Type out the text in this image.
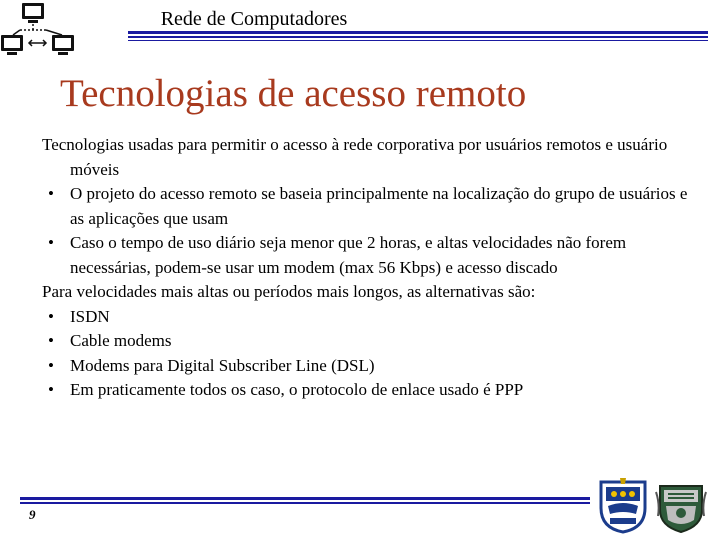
Rede de Computadores
Tecnologias de acesso remoto
Tecnologias usadas para permitir o acesso à rede corporativa por usuários remotos e usuário móveis
• O projeto do acesso remoto se baseia principalmente na localização do grupo de usuários e as aplicações que usam
• Caso o tempo de uso diário seja menor que 2 horas, e altas velocidades não forem necessárias, podem-se usar um modem (max 56 Kbps) e acesso discado
Para velocidades mais altas ou períodos mais longos, as alternativas são:
• ISDN
• Cable modems
• Modems para Digital Subscriber Line (DSL)
• Em praticamente todos os caso, o protocolo de enlace usado é PPP
9
